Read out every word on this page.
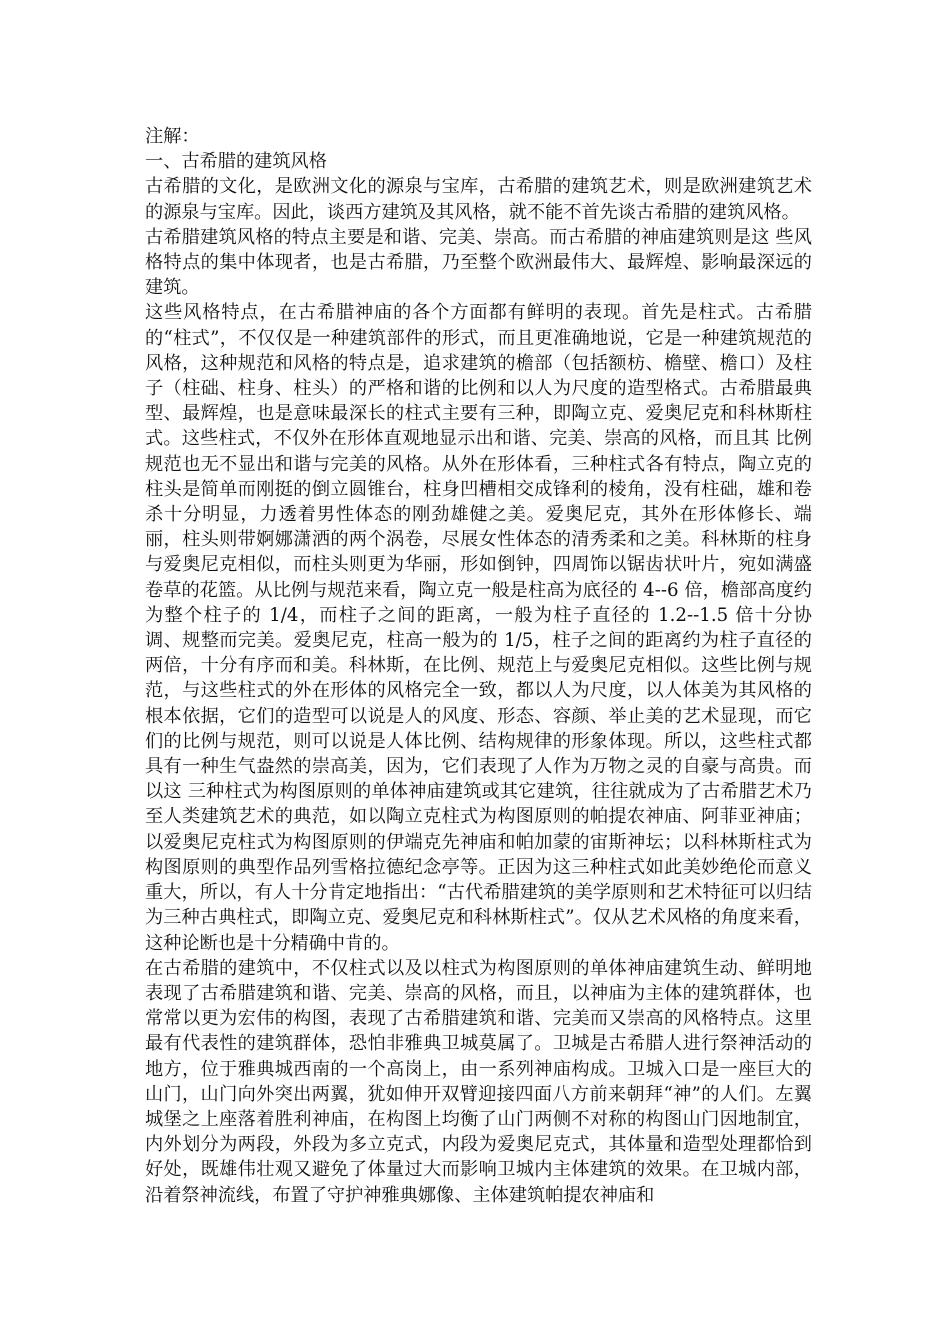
注解：

一、古希腊的建筑风格

古希腊的文化，是欧洲文化的源泉与宝库，古希腊的建筑艺术，则是欧洲建筑艺术的源泉与宝库。因此，谈西方建筑及其风格，就不能不首先谈古希腊的建筑风格。

古希腊建筑风格的特点主要是和谐、完美、崇高。而古希腊的神庙建筑则是这 些风格特点的集中体现者，也是古希腊，乃至整个欧洲最伟大、最辉煌、影响最深远的建筑。

这些风格特点，在古希腊神庙的各个方面都有鲜明的表现。首先是柱式。古希腊的“柱式”，不仅仅是一种建筑部件的形式，而且更准确地说，它是一种建筑规范的风格，这种规范和风格的特点是，追求建筑的檐部（包括额枋、檐壁、檐口）及柱子（柱础、柱身、柱头）的严格和谐的比例和以人为尺度的造型格式。古希腊最典型、最辉煌，也是意味最深长的柱式主要有三种，即陶立克、爱奥尼克和科林斯柱式。这些柱式，不仅外在形体直观地显示出和谐、完美、崇高的风格，而且其 比例规范也无不显出和谐与完美的风格。从外在形体看，三种柱式各有特点，陶立克的柱头是简单而刚挺的倒立圆锥台，柱身凹槽相交成锋利的棱角，没有柱础，雄和卷杀十分明显，力透着男性体态的刚劲雄健之美。爱奥尼克，其外在形体修长、端丽，柱头则带婀娜潇洒的两个涡卷，尽展女性体态的清秀柔和之美。科林斯的柱身与爱奥尼克相似，而柱头则更为华丽，形如倒钟，四周饰以锯齿状叶片，宛如满盛卷草的花篮。从比例与规范来看，陶立克一般是柱高为底径的 4--6 倍，檐部高度约为整个柱子的 1/4，而柱子之间的距离，一般为柱子直径的 1.2--1.5 倍十分协 调、规整而完美。爱奥尼克，柱高一般为的 1/5，柱子之间的距离约为柱子直径的两倍，十分有序而和美。科林斯，在比例、规范上与爱奥尼克相似。这些比例与规范，与这些柱式的外在形体的风格完全一致，都以人为尺度，以人体美为其风格的根本依据，它们的造型可以说是人的风度、形态、容颜、举止美的艺术显现，而它们的比例与规范，则可以说是人体比例、结构规律的形象体现。所以，这些柱式都具有一种生气盎然的崇高美，因为，它们表现了人作为万物之灵的自豪与高贵。而以这 三种柱式为构图原则的单体神庙建筑或其它建筑，往往就成为了古希腊艺术乃至人类建筑艺术的典范，如以陶立克柱式为构图原则的帕提农神庙、阿菲亚神庙；以爱奥尼克柱式为构图原则的伊端克先神庙和帕加蒙的宙斯神坛；以科林斯柱式为构图原则的典型作品列雪格拉德纪念亭等。正因为这三种柱式如此美妙绝伦而意义重大，所以，有人十分肯定地指出：“古代希腊建筑的美学原则和艺术特征可以归结为三种古典柱式，即陶立克、爱奥尼克和科林斯柱式”。仅从艺术风格的角度来看，这种论断也是十分精确中肯的。

在古希腊的建筑中，不仅柱式以及以柱式为构图原则的单体神庙建筑生动、鲜明地表现了古希腊建筑和谐、完美、崇高的风格，而且，以神庙为主体的建筑群体，也常常以更为宏伟的构图，表现了古希腊建筑和谐、完美而又崇高的风格特点。这里最有代表性的建筑群体，恐怕非雅典卫城莫属了。卫城是古希腊人进行祭神活动的地方，位于雅典城西南的一个高岗上，由一系列神庙构成。卫城入口是一座巨大的山门，山门向外突出两翼，犹如伸开双臂迎接四面八方前来朝拜“神”的人们。左翼城堡之上座落着胜利神庙，在构图上均衡了山门两侧不对称的构图山门因地制宜，内外划分为两段，外段为多立克式，内段为爱奥尼克式，其体量和造型处理都恰到好处，既雄伟壮观又避免了体量过大而影响卫城内主体建筑的效果。在卫城内部，沿着祭神流线，布置了守护神雅典娜像、主体建筑帕提农神庙和
